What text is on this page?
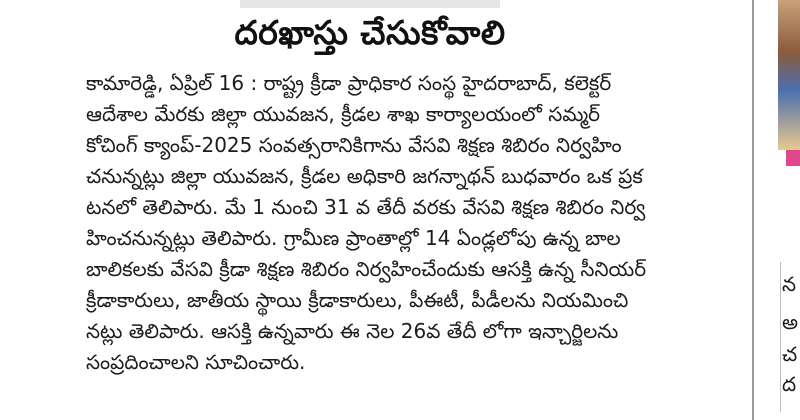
దరఖాస్తు చేసుకోవాలి
కామారెడ్డి, ఏప్రిల్ 16 : రాష్ట్ర క్రీడా ప్రాధికార సంస్థ హైదరాబాద్, కలెక్టర్
ఆదేశాల మేరకు జిల్లా యువజన, క్రీడల శాఖ కార్యాలయంలో సమ్మర్
కోచింగ్ క్యాంప్-2025 సంవత్సరానికిగాను వేసవి శిక్షణ శిబిరం నిర్వహిం
చనున్నట్లు జిల్లా యువజన, క్రీడల అధికారి జగన్నాథన్ బుధవారం ఒక ప్రక
టనలో తెలిపారు. మే 1 నుంచి 31 వ తేదీ వరకు వేసవి శిక్షణ శిబిరం నిర్వ
హించనున్నట్లు తెలిపారు. గ్రామీణ ప్రాంతాల్లో 14 ఏండ్లలోపు ఉన్న బాల
బాలికలకు వేసవి క్రీడా శిక్షణ శిబిరం నిర్వహించేందుకు ఆసక్తి ఉన్న సీనియర్
క్రీడాకారులు, జాతీయ స్థాయి క్రీడాకారులు, పీఈటీ, పీడీలను నియమించి
నట్లు తెలిపారు. ఆసక్తి ఉన్నవారు ఈ నెల 26వ తేదీ లోగా ఇన్చార్జిలను
సంప్రదించాలని సూచించారు.
న
అ
చ
ద
